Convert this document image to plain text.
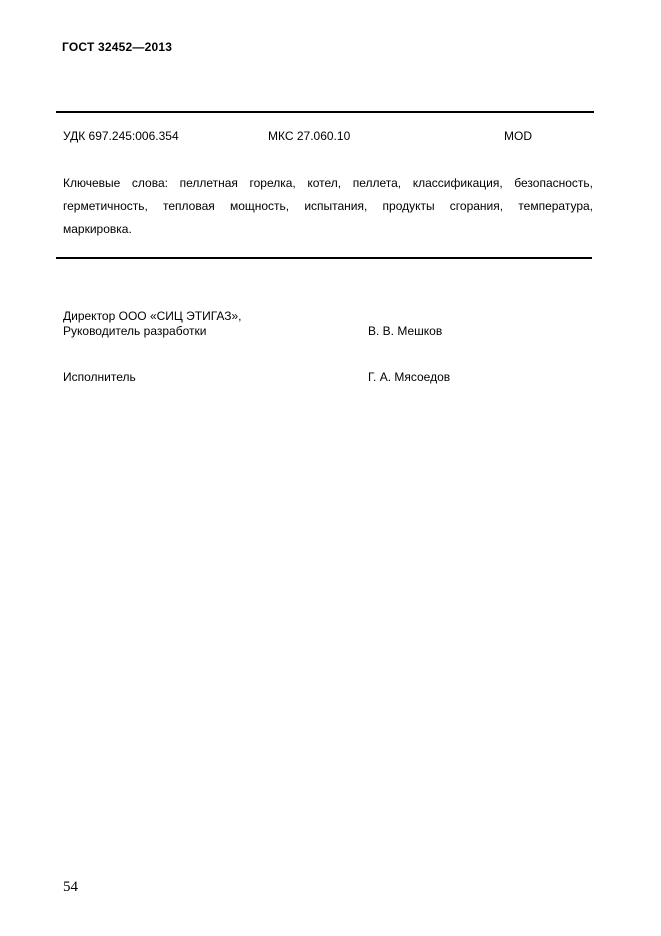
ГОСТ 32452—2013
УДК 697.245:006.354	МКС 27.060.10	MOD
Ключевые слова: пеллетная горелка, котел, пеллета, классификация, безопасность, герметичность, тепловая мощность, испытания, продукты сгорания, температура, маркировка.
Директор ООО «СИЦ ЭТИГАЗ»,
Руководитель разработки	В. В. Мешков
Исполнитель	Г. А. Мясоедов
54
